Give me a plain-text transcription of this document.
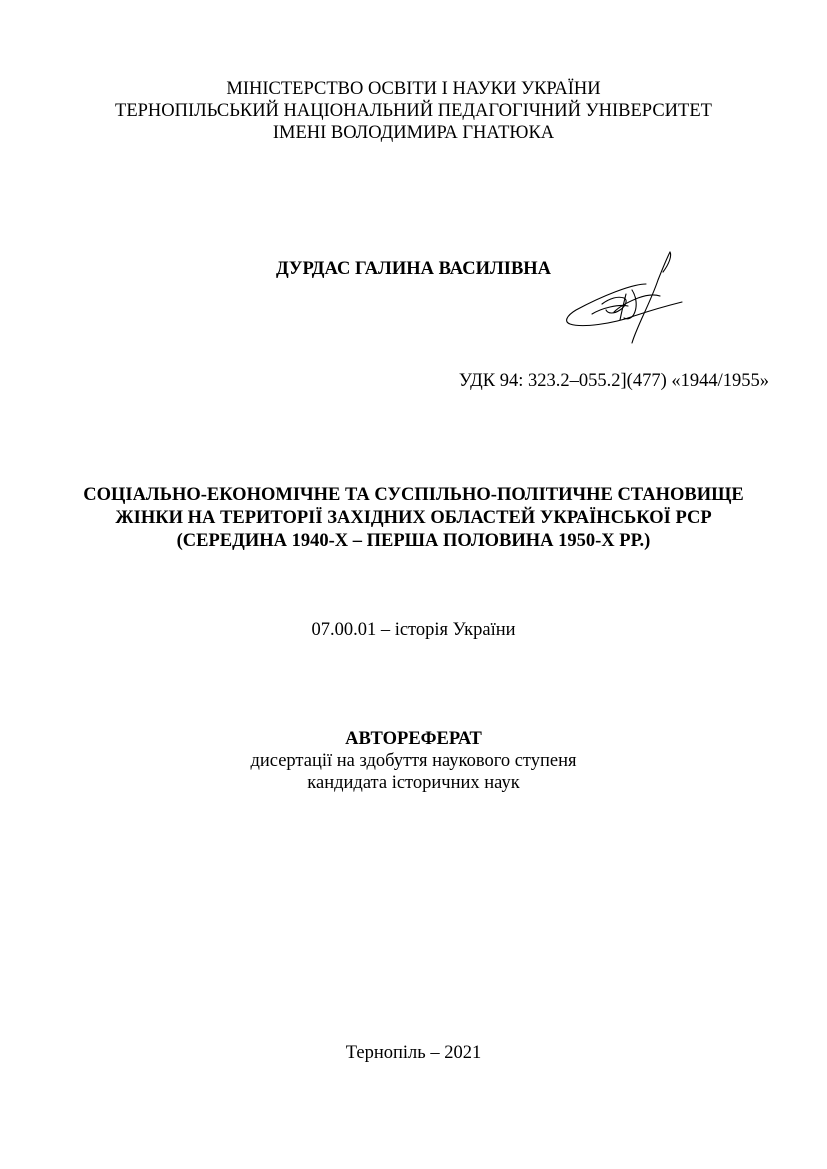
МІНІСТЕРСТВО ОСВІТИ І НАУКИ УКРАЇНИ
ТЕРНОПІЛЬСЬКИЙ НАЦІОНАЛЬНИЙ ПЕДАГОГІЧНИЙ УНІВЕРСИТЕТ
ІМЕНІ ВОЛОДИМИРА ГНАТЮКА
ДУРДАС ГАЛИНА ВАСИЛІВНА
УДК 94: 323.2–055.2](477) «1944/1955»
СОЦІАЛЬНО-ЕКОНОМІЧНЕ ТА СУСПІЛЬНО-ПОЛІТИЧНЕ СТАНОВИЩЕ
ЖІНКИ НА ТЕРИТОРІЇ ЗАХІДНИХ ОБЛАСТЕЙ УКРАЇНСЬКОЇ РСР
(СЕРЕДИНА 1940-Х – ПЕРША ПОЛОВИНА 1950-Х РР.)
07.00.01 – історія України
АВТОРЕФЕРАТ
дисертації на здобуття наукового ступеня
кандидата історичних наук
Тернопіль – 2021
